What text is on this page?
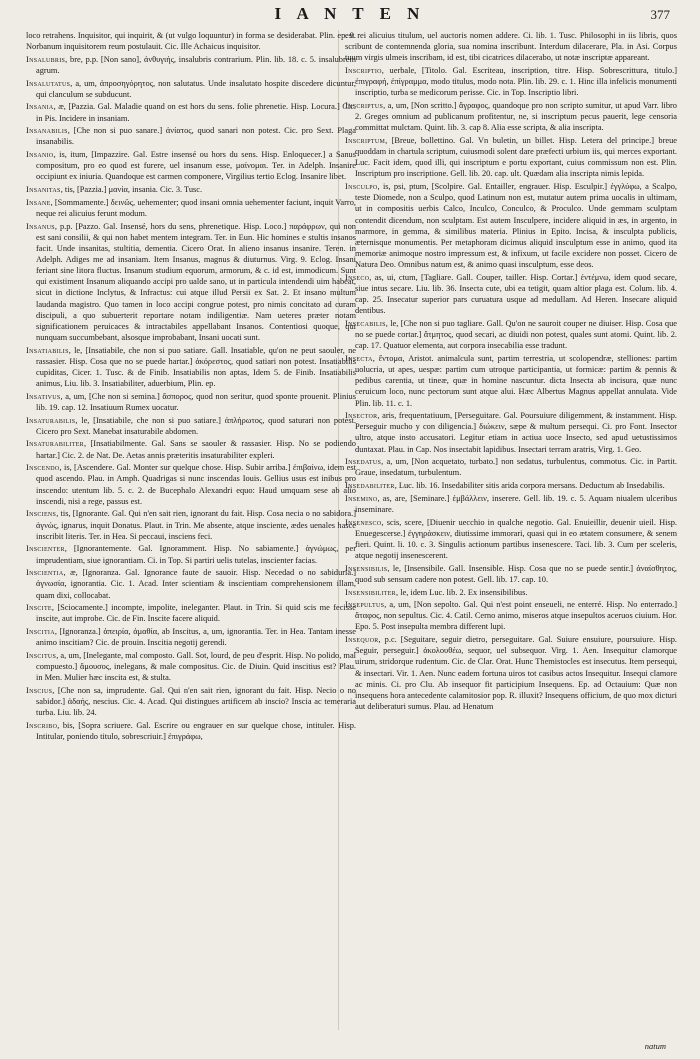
I A N T E N	377

loco retrahens. Inquisitor, qui inquirit, & (ut vulgo loquuntur) in forma se desiderabat. Plin. ep. 9. Norbanum inquisitorem reum postulauit. Cic. Ille Achaicus inquisitor.

Insalubris, bre, p.p. [Non sano], ἀνθυγιής, insalubris contrarium. Plin. lib. 18. c. 5. insalubrem agrum.

Insalutatus, a, um, ἀπροσηγόρητος, non salutatus. Unde insalutato hospite discedere dicuntur, qui clanculum se subducunt.

Insania, æ, [Pazzia. Gal. Maladie quand on est hors du sens. folie phrenetie. Hisp. Locura.] Cic. in Pis. Incidere in insaniam.

Insanabilis, [Che non si puo sanare.] ἀνίατος, quod sanari non potest. Cic. pro Sext. Plaga insanabilis.

Insanio, is, itum, [Impazzire. Gal. Estre insensé ou hors du sens. Hisp. Enloquecer.] a Sanus compositum, pro eo quod est furere, uel insanum esse, μαίνομαι. Ter. in Adelph. Insanire occipiunt ex iniuria. Quandoque est carmen componere, Virgilius tertio Eclog. Insanire libet.

Insanitas, tis, [Pazzia.] μανία, insania. Cic. 3. Tusc.

Insane, [Sommamente.] δεινῶς, uehementer; quod insani omnia uehementer faciunt, inquit Varro, neque rei alicuius ferunt modum.

Insanus, p.p. [Pazzo. Gal. Insensé, hors du sens, phrenetique. Hisp. Loco.] παράφρων, qui non est sani consilii, & qui non habet mentem integram. Ter. in Eun. Hic homines e stultis insanos facit. Unde insanitas, stultitia, dementia. Cicero Orat. In alieno insanus insanire. Teren. in Adelph. Adiges me ad insaniam. Item Insanus, magnus & diuturnus. Virg. 9. Eclog. Insani feriant sine litora fluctus. Insanum studium equorum, armorum, & c. id est, immodicum. Sunt qui existiment Insanum aliquando accipi pro ualde sano, ut in particula intendendi uim habeat, sicut in dictione Inclytus, & Infractus: cui atque illud Persii ex Sat. 2. Et insano multum laudanda magistro. Quo tamen in loco accipi congrue potest, pro nimis concitato ad curam discipuli, a quo subuerterit reportare notam indiligentiæ. Nam ueteres præter notam significationem peruicaces & intractabiles appellabant Insanos. Contentiosi quoque, qui nunquam succumbebant, alsosque improbabant, Insani uocati sunt.

Insatiabilis, le, [Insatiabile, che non si puo satiare. Gall. Insatiable, qu'on ne peut saouler, ne rassasier. Hisp. Cosa que no se puede hartar.] ἀκόρεστος, quod satiari non potest. Insatiabilis cupiditas, Cicer. 1. Tusc. & de Finib. Insatiabilis non aptas, Idem 5. de Finib. Insatiabilis animus, Liu. lib. 3. Insatiabiliter, aduerbium, Plin. ep.

Insativus, a, um, [Che non si semina.] ἄσπορος, quod non seritur, quod sponte prouenit. Plinius lib. 19. cap. 12. Insatiuum Rumex uocatur.

Insaturabilis, le, [Insatiabile, che non si puo satiare.] ἀπλήρωτος, quod saturari non potest. Cicero pro Sext. Manebat insaturabile abdomen.

Insaturabiliter, [Insatiabilmente. Gal. Sans se saouler & rassasier. Hisp. No se podiendo hartar.] Cic. 2. de Nat. De. Aetas annis præteritis insaturabiliter expleri.

Inscendo, is, [Ascendere. Gal. Monter sur quelque chose. Hisp. Subir arriba.] ἐπιβαίνω, idem est quod ascendo. Plau. in Amph. Quadrigas si nunc inscendas Iouis. Gellius usus est inibus pro inscendo: utentum lib. 5. c. 2. de Bucephalo Alexandri equo: Haud umquam sese ab alio inscendi, nisi a rege, passus est.

Insciens, tis, [Ignorante. Gal. Qui n'en sait rien, ignorant du fait. Hisp. Cosa necia o no sabidora.] ἀγνώς, ignarus, inquit Donatus. Plaut. in Trin. Me absente, atque insciente, ædes uenales hasce inscribit literis. Ter. in Hea. Si peccaui, insciens feci.

Inscienter, [Ignorantemente. Gal. Ignoramment. Hisp. No sabiamente.] ἀγνώμως, per imprudentiam, siue ignorantiam. Ci. in Top. Si partiri uelis tutelas, inscienter facias.

Inscientia, æ, [Ignoranza. Gal. Ignorance faute de sauoir. Hisp. Necedad o no sabiduria.] ἀγνωσία, ignorantia. Cic. 1. Acad. Inter scientiam & inscientiam comprehensionem illam, quam dixi, collocabat.

Inscite, [Sciocamente.] incompte, impolite, ineleganter. Plaut. in Trin. Si quid scis me fecisse inscite, aut improbe. Cic. de Fin. Inscite facere aliquid.

Inscitia, [Ignoranza.] ἀπειρία, ἀμαθία, ab Inscitus, a, um, ignorantia. Ter. in Hea. Tantam inesse animo inscitiam? Cic. de prouin. Inscitia negotij gerendi.

Inscitus, a, um, [Inelegante, mal composto. Gall. Sot, lourd, de peu d'esprit. Hisp. No polido, mal compuesto.] ἄμουσος, inelegans, & male compositus. Cic. de Diuin. Quid inscitius est? Plau. in Men. Mulier hæc inscita est, & stulta.

Inscius, [Che non sa, imprudente. Gal. Qui n'en sait rien, ignorant du fait. Hisp. Necio o no sabidor.] ἀδαής, nescius. Cic. 4. Acad. Qui distingues artificem ab inscio? Inscia ac temeraria turba. Liu. lib. 24.

Inscribo, bis, [Sopra scriuere. Gal. Escrire ou engrauer en sur quelque chose, intituler. Hisp. Intitular, poniendo titulo, sobrescriuir.] ἐπιγράφω,

est rei alicuius titulum, uel auctoris nomen addere. Ci. lib. 1. Tusc. Philosophi in iis libris, quos scribunt de contemnenda gloria, sua nomina inscribunt. Interdum dilacerare, Pla. in Asi. Corpus tuum virgis ulmeis inscribam, id est, tibi cicatrices dilacerabo, ut notæ inscriptæ appareant.

Inscriptio, uerbale, [Titolo. Gal. Escriteau, inscription, titre. Hisp. Sobrescrittura, titulo.] ἐπιγραφή, ἐπίγραμμα, modo titulus, modo nota. Plin. lib. 29. c. 1. Hinc illa infelicis monumenti inscriptio, turba se medicorum perisse. Cic. in Top. Inscriptio libri.

Inscriptus, a, um, [Non scritto.] ἄγραφος, quandoque pro non scripto sumitur, ut apud Varr. libro 2. Greges omnium ad publicanum profitentur, ne, si inscriptum pecus pauerit, lege censoria committat mulctam. Quint. lib. 3. cap 8. Alia esse scripta, & alia inscripta.

Inscriptum, [Breue, bollettino. Gal. Vn buletin, un billet. Hisp. Letera del principe.] breue quoddam in chartula scriptum, cuiusmodi solent dare præfecti urbium iis, qui merces exportant. Luc. Facit idem, quod illi, qui inscriptum e portu exportant, cuius commissum non est. Plin. Inscriptum pro inscriptione. Gell. lib. 20. cap. ult. Quædam alia inscripta nimis lepida.

Insculpo, is, psi, ptum, [Scolpire. Gal. Entailler, engrauer. Hisp. Esculpir.] ἐγγλύφω, a Scalpo, teste Diomede, non a Sculpo, quod Latinum non est, mutatur autem prima uocalis in ultimam, ut in compositis uerbis Calco, Inculco, Conculco, & Proculco. Unde gemmam sculptam contendit dicendum, non sculptam. Est autem Insculpere, incidere aliquid in æs, in argento, in marmore, in gemma, & similibus materia. Plinius in Epito. Incisa, & insculpta publicis, æternisque monumentis. Per metaphoram dicimus aliquid insculptum esse in animo, quod ita memoriæ animoque nostro impressum est, & infixum, ut facile excidere non posset. Cicero de Natura Deo. Omnibus natum est, & animo quasi insculptum, esse deos.

Inseco, as, ui, ctum, [Tagliare. Gall. Couper, tailler. Hisp. Cortar.] ἐντέμνω, idem quod secare, siue intus secare. Liu. lib. 36. Insecta cute, ubi ea tetigit, quam altior plaga est. Colum. lib. 4. cap. 25. Insecatur superior pars curuatura usque ad medullam. Ad Heren. Insecare aliquid dentibus.

Insecabilis, le, [Che non si puo tagliare. Gall. Qu'on ne sauroit couper ne diuiser. Hisp. Cosa que no se puede cortar.] ἄτμητος, quod secari, ac diuidi non potest, quales sunt atomi. Quint. lib. 2. cap. 17. Quatuor elementa, aut corpora insecabilia esse tradunt.

Insecta, ἔντομα, Aristot. animalcula sunt, partim terrestria, ut scolopendræ, stelliones: partim uolucria, ut apes, uespæ: partim cum utroque participantia, ut formicæ: partim & pennis & pedibus carentia, ut tineæ, quæ in homine nascuntur. dicta Insecta ab incisura, quæ nunc ceruicum loco, nunc pectorum sunt atque alui. Hæc Albertus Magnus appellat annulata. Vide Plin. lib. 11. c. 1.

Insector, aris, frequentatiuum, [Perseguitare. Gal. Poursuiure diligemment, & instamment. Hisp. Perseguir mucho y con diligencia.] διώκειν, sæpe & multum persequi. Ci. pro Font. Insector ultro, atque insto accusatori. Legitur etiam in actiua uoce Insecto, sed apud uetustissimos duntaxat. Plau. in Cap. Nos insectabit lapidibus. Insectari terram aratris, Virg. 1. Geo.

Insedatus, a, um, [Non acquetato, turbato.] non sedatus, turbulentus, commotus. Cic. in Partit. Graue, insedatum, turbulentum.

Insedabiliter, Luc. lib. 16. Insedabiliter sitis arida corpora mersans. Deductum ab Insedabilis.

Insemino, as, are, [Seminare.] ἐμβάλλειν, inserere. Gell. lib. 19. c. 5. Aquam niualem ulceribus inseminare.

Insenesco, scis, scere, [Diuenir uecchio in qualche negotio. Gal. Enuieillir, deuenir uieil. Hisp. Enuegescerse.] ἐγγηράσκειν, diutissime immorari, quasi qui in eo ætatem consumere, & senem fieri. Quint. li. 10. c. 3. Singulis actionum partibus insenescere. Taci. lib. 3. Cum per sceleris, atque negotij insenescerent.

Insensibilis, le, [Insensibile. Gall. Insensible. Hisp. Cosa que no se puede sentir.] ἀναίσθητος, quod sub sensum cadere non potest. Gell. lib. 17. cap. 10.

Insensibiliter, le, idem Luc. lib. 2. Ex insensibilibus.

Insepultus, a, um, [Non sepolto. Gal. Qui n'est point enseueli, ne enterré. Hisp. No enterrado.] ἄταφος, non sepultus. Cic. 4. Catil. Cerno animo, miseros atque insepultos aceruos ciuium. Hor. Epo. 5. Post insepulta membra different lupi.

Insequor, p.c. [Seguitare, seguir dietro, perseguitare. Gal. Suiure ensuiure, poursuiure. Hisp. Seguir, perseguir.] ἀκολουθέω, sequor, uel subsequor. Virg. 1. Aen. Insequitur clamorque uirum, stridorque rudentum. Cic. de Clar. Orat. Hunc Themistocles est insecutus. Item persequi, & insectari. Vir. 1. Aen. Nunc eadem fortuna uiros tot casibus actos Insequitur. Insequi clamore ac minis. Ci. pro Clu. Ab insequor fit participium Insequens. Ep. ad Octauium: Quæ non insequens hora antecedente calamitosior pop. R. illuxit? Insequens officium, de quo mox dicturi aut deliberaturi sumus. Plau. ad Henatum

natum
